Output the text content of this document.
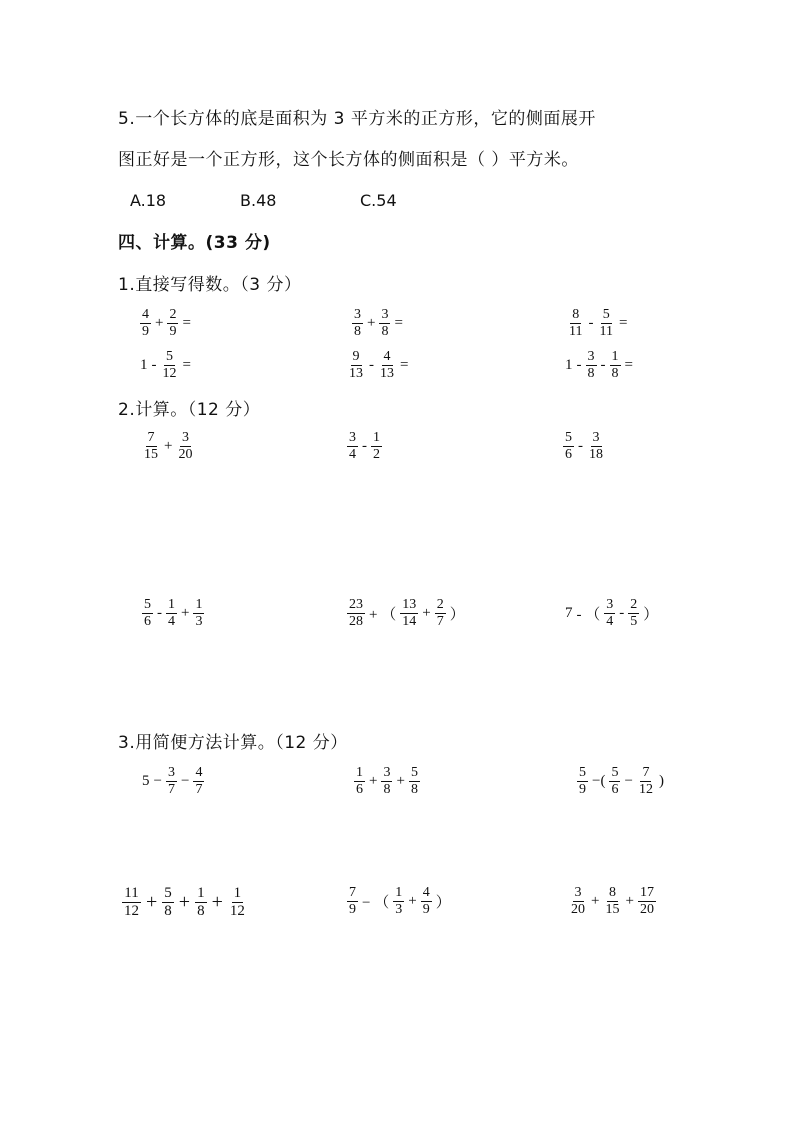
5.一个长方体的底是面积为 3 平方米的正方形，它的侧面展开
图正好是一个正方形，这个长方体的侧面积是（ ）平方米。
A.18	B.48	C.54
四、计算。(33 分)
1.直接写得数。（3 分）
$\frac{4}{9} + \frac{2}{9}$ =	$\frac{3}{8} + \frac{3}{8}$ =	$\frac{8}{11} - \frac{5}{11}$ =
$1 - \frac{5}{12}$ =	$\frac{9}{13} - \frac{4}{13}$ =	$1 - \frac{3}{8} - \frac{1}{8}$ =
2.计算。（12 分）
$\frac{7}{15} + \frac{3}{20}$	$\frac{3}{4} - \frac{1}{2}$	$\frac{5}{6} - \frac{3}{18}$
$\frac{5}{6} - \frac{1}{4} + \frac{1}{3}$	$\frac{23}{28}$ + （ $\frac{13}{14} + \frac{2}{7}$ ）	7 - （ $\frac{3}{4} - \frac{2}{5}$ ）
3.用简便方法计算。（12 分）
$5 - \frac{3}{7} - \frac{4}{7}$	$\frac{1}{6} + \frac{3}{8} + \frac{5}{8}$	$\frac{5}{9}$ −( $\frac{5}{6} - \frac{7}{12}$ )
$\frac{11}{12} + \frac{5}{8} + \frac{1}{8} + \frac{1}{12}$	$\frac{7}{9}$ − （ $\frac{1}{3} + \frac{4}{9}$ ）	$\frac{3}{20} + \frac{8}{15} + \frac{17}{20}$
